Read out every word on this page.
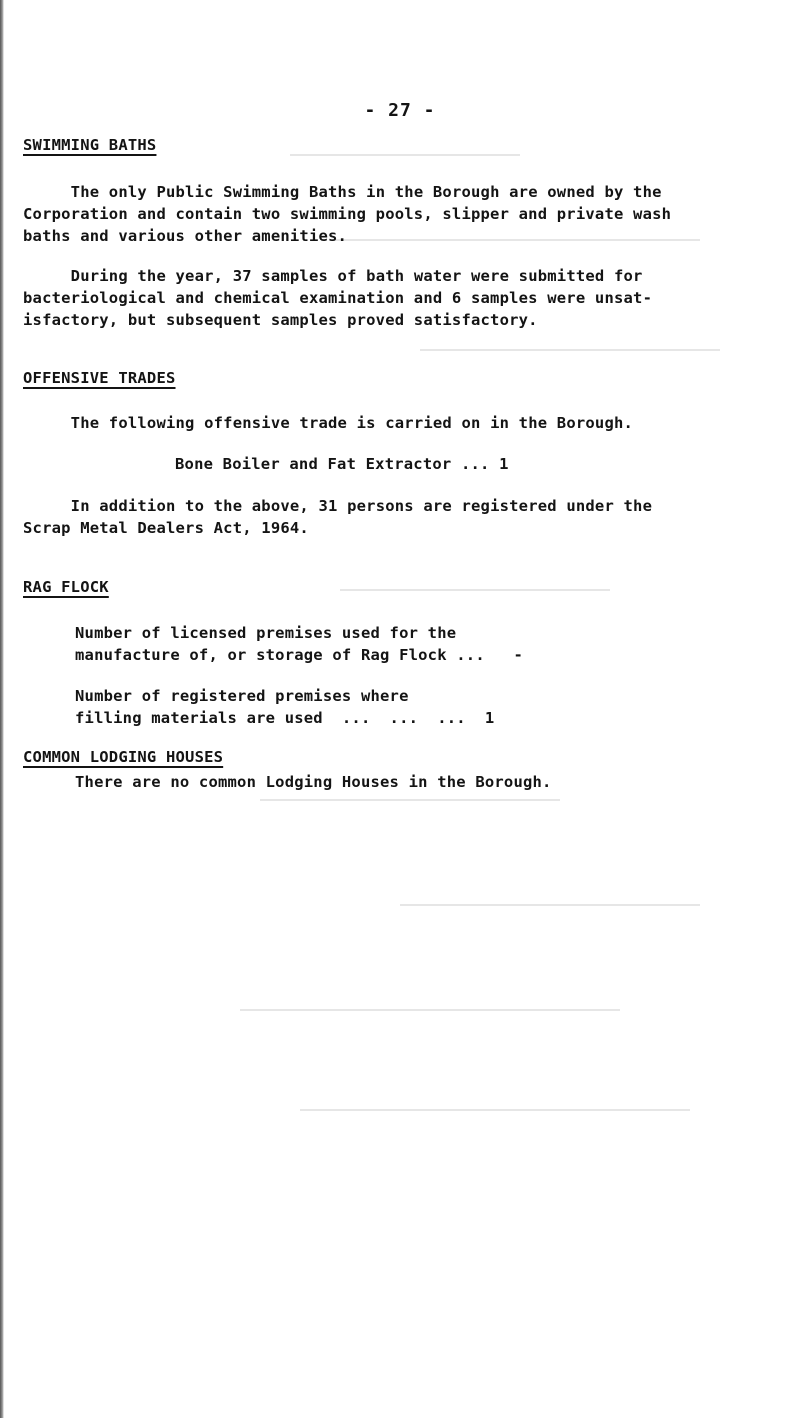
- 27 -
SWIMMING BATHS
The only Public Swimming Baths in the Borough are owned by the
Corporation and contain two swimming pools, slipper and private wash
baths and various other amenities.
During the year, 37 samples of bath water were submitted for
bacteriological and chemical examination and 6 samples were unsat-
isfactory, but subsequent samples proved satisfactory.
OFFENSIVE TRADES
The following offensive trade is carried on in the Borough.
Bone Boiler and Fat Extractor ... 1
In addition to the above, 31 persons are registered under the
Scrap Metal Dealers Act, 1964.
RAG FLOCK
Number of licensed premises used for the
manufacture of, or storage of Rag Flock ...   -
Number of registered premises where
filling materials are used  ...  ...  ...  1
COMMON LODGING HOUSES
There are no common Lodging Houses in the Borough.
